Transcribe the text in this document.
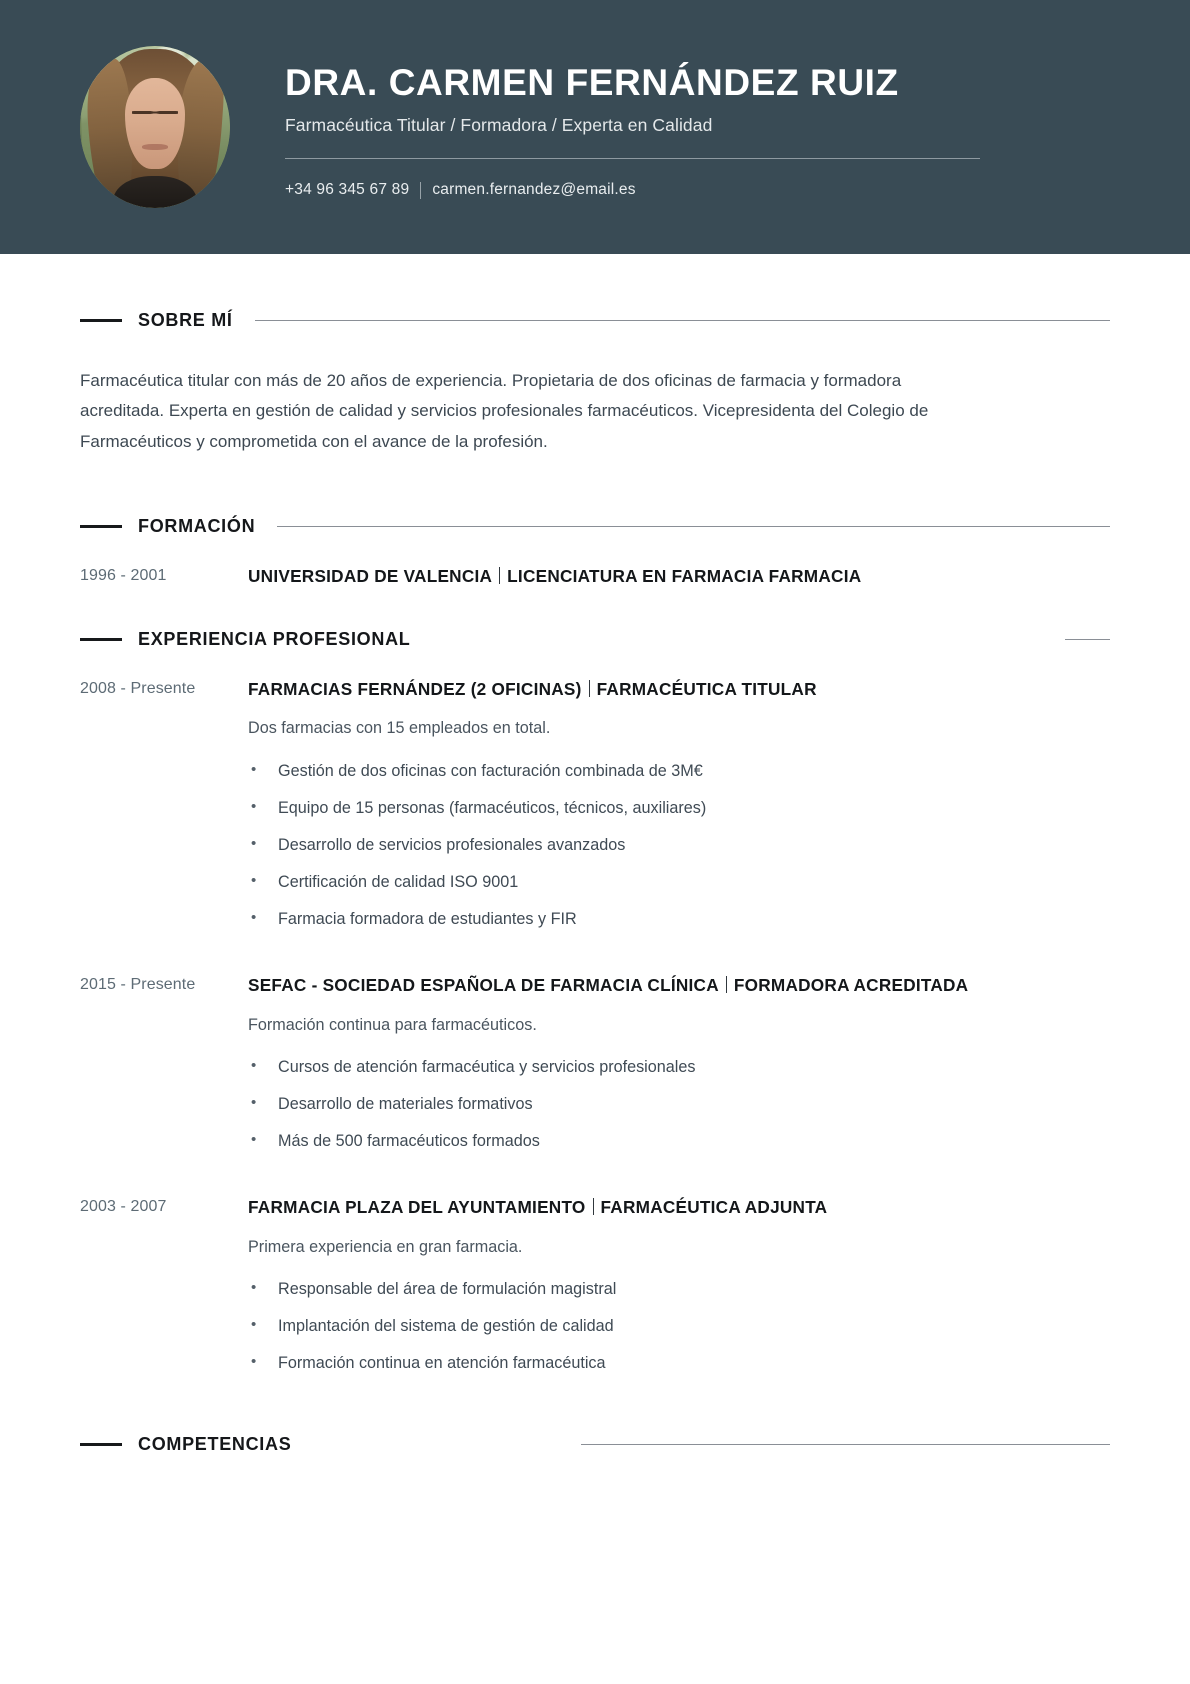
DRA. CARMEN FERNÁNDEZ RUIZ
Farmacéutica Titular / Formadora / Experta en Calidad
+34 96 345 67 89 carmen.fernandez@email.es
SOBRE MÍ

Farmacéutica titular con más de 20 años de experiencia. Propietaria de dos oficinas de farmacia y formadora acreditada. Experta en gestión de calidad y servicios profesionales farmacéuticos. Vicepresidenta del Colegio de Farmacéuticos y comprometida con el avance de la profesión.

FORMACIÓN
1996 - 2001	UNIVERSIDAD DE VALENCIA LICENCIATURA EN FARMACIA FARMACIA
EXPERIENCIA PROFESIONAL
2008 - Presente	FARMACIAS FERNÁNDEZ (2 OFICINAS) FARMACÉUTICA TITULAR
Dos farmacias con 15 empleados en total.
• Gestión de dos oficinas con facturación combinada de 3M€
• Equipo de 15 personas (farmacéuticos, técnicos, auxiliares)
• Desarrollo de servicios profesionales avanzados
• Certificación de calidad ISO 9001
• Farmacia formadora de estudiantes y FIR
2015 - Presente	SEFAC - SOCIEDAD ESPAÑOLA DE FARMACIA CLÍNICA FORMADORA ACREDITADA
Formación continua para farmacéuticos.
• Cursos de atención farmacéutica y servicios profesionales
• Desarrollo de materiales formativos
• Más de 500 farmacéuticos formados
2003 - 2007	FARMACIA PLAZA DEL AYUNTAMIENTO FARMACÉUTICA ADJUNTA
Primera experiencia en gran farmacia.
• Responsable del área de formulación magistral
• Implantación del sistema de gestión de calidad
• Formación continua en atención farmacéutica
COMPETENCIAS
